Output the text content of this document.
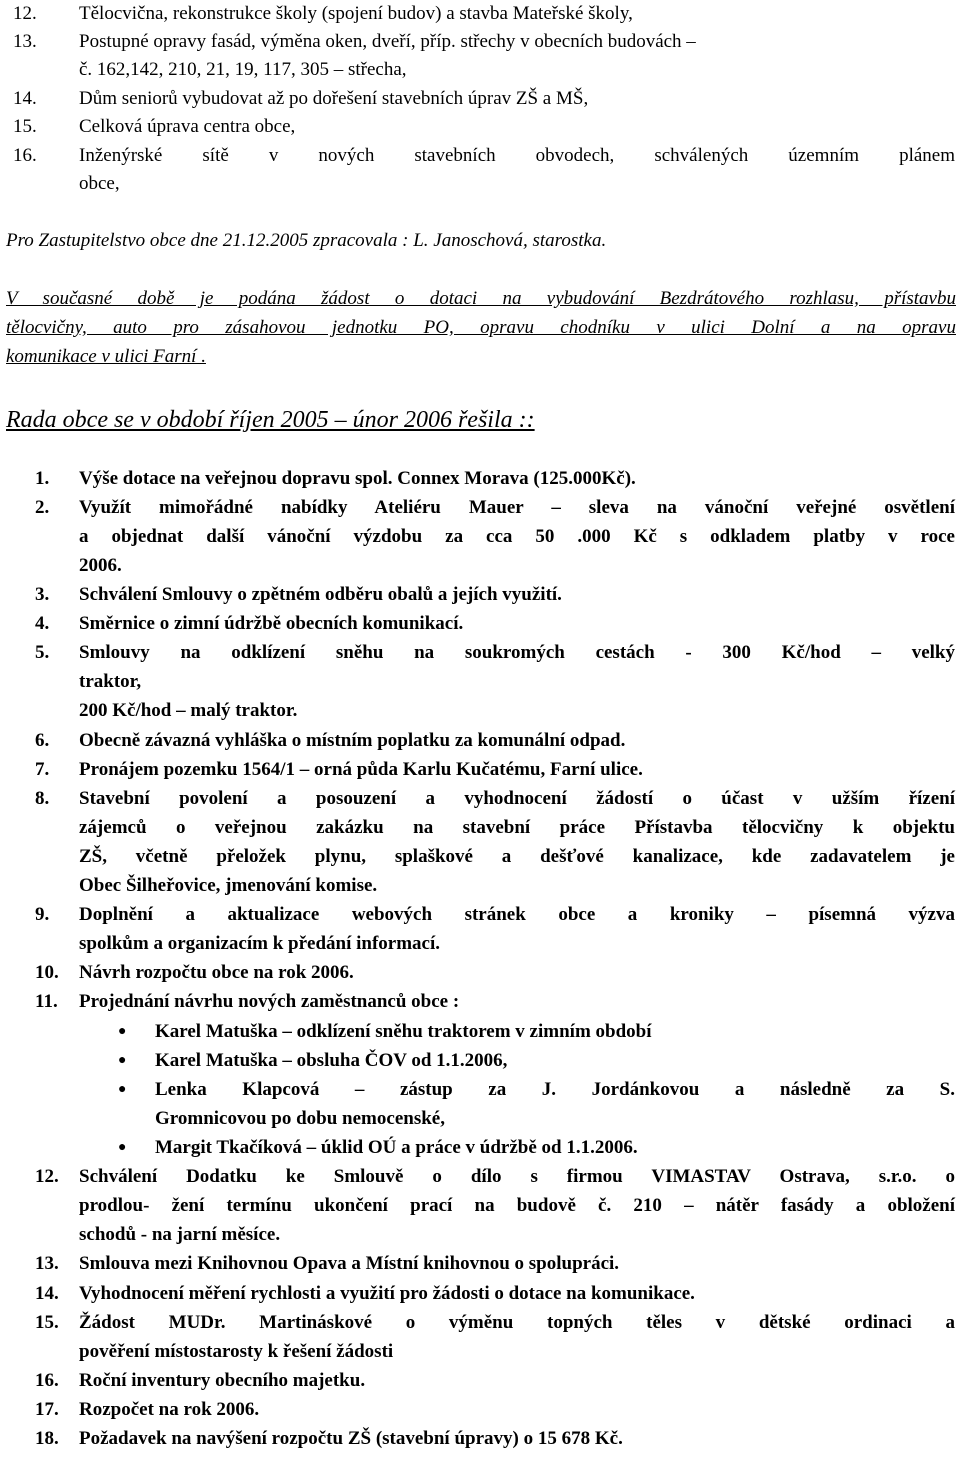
12. Tělocvična, rekonstrukce školy (spojení budov) a stavba Mateřské školy,
13. Postupné opravy fasád, výměna oken, dveří, příp. střechy v obecních budovách –
č. 162,142, 210, 21, 19, 117, 305 – střecha,
14. Dům seniorů vybudovat až po dořešení stavebních úprav ZŠ a MŠ,
15. Celková úprava centra obce,
16. Inženýrské sítě v nových stavebních obvodech, schválených územním plánem
obce,
Pro Zastupitelstvo obce dne 21.12.2005 zpracovala : L. Janoschová, starostka.
V současné době je podána žádost o dotaci na vybudování Bezdrátového rozhlasu, přístavbu
tělocvičny, auto pro zásahovou jednotku PO, opravu chodníku v ulici Dolní a na opravu
komunikace v ulici Farní .
Rada obce se v období říjen 2005 – únor 2006 řešila ::
1. Výše dotace na veřejnou dopravu spol. Connex Morava (125.000Kč).
2. Využít mimořádné nabídky Ateliéru Mauer – sleva na vánoční veřejné osvětlení
a objednat další vánoční výzdobu za cca 50 .000 Kč s odkladem platby v roce
2006.
3. Schválení Smlouvy o zpětném odběru obalů a jejích využití.
4. Směrnice o zimní údržbě obecních komunikací.
5. Smlouvy na odklízení sněhu na soukromých cestách - 300 Kč/hod – velký
traktor,
200 Kč/hod – malý traktor.
6. Obecně závazná vyhláška o místním poplatku za komunální odpad.
7. Pronájem pozemku 1564/1 – orná půda Karlu Kučatému, Farní ulice.
8. Stavební povolení a posouzení a vyhodnocení žádostí o účast v užším řízení
zájemců o veřejnou zakázku na stavební práce Přístavba tělocvičny k objektu
ZŠ, včetně přeložek plynu, splaškové a dešťové kanalizace, kde zadavatelem je
Obec Šilheřovice, jmenování komise.
9. Doplnění a aktualizace webových stránek obce a kroniky – písemná výzva
spolkům a organizacím k předání informací.
10. Návrh rozpočtu obce na rok 2006.
11. Projednání návrhu nových zaměstnanců obce :
● Karel Matuška – odklízení sněhu traktorem v zimním období
● Karel Matuška – obsluha ČOV od 1.1.2006,
● Lenka Klapcová – zástup za J. Jordánkovou a následně za S.
Gromnicovou po dobu nemocenské,
● Margit Tkačíková – úklid OÚ a práce v údržbě od 1.1.2006.
12. Schválení Dodatku ke Smlouvě o dílo s firmou VIMASTAV Ostrava, s.r.o. o
prodlou- žení termínu ukončení prací na budově č. 210 – nátěr fasády a obložení
schodů - na jarní měsíce.
13. Smlouva mezi Knihovnou Opava a Místní knihovnou o spolupráci.
14. Vyhodnocení měření rychlosti a využití pro žádosti o dotace na komunikace.
15. Žádost MUDr. Martináskové o výměnu topných těles v dětské ordinaci a
pověření místostarosty k řešení žádosti
16. Roční inventury obecního majetku.
17. Rozpočet na rok 2006.
18. Požadavek na navýšení rozpočtu ZŠ (stavební úpravy) o 15 678 Kč.
